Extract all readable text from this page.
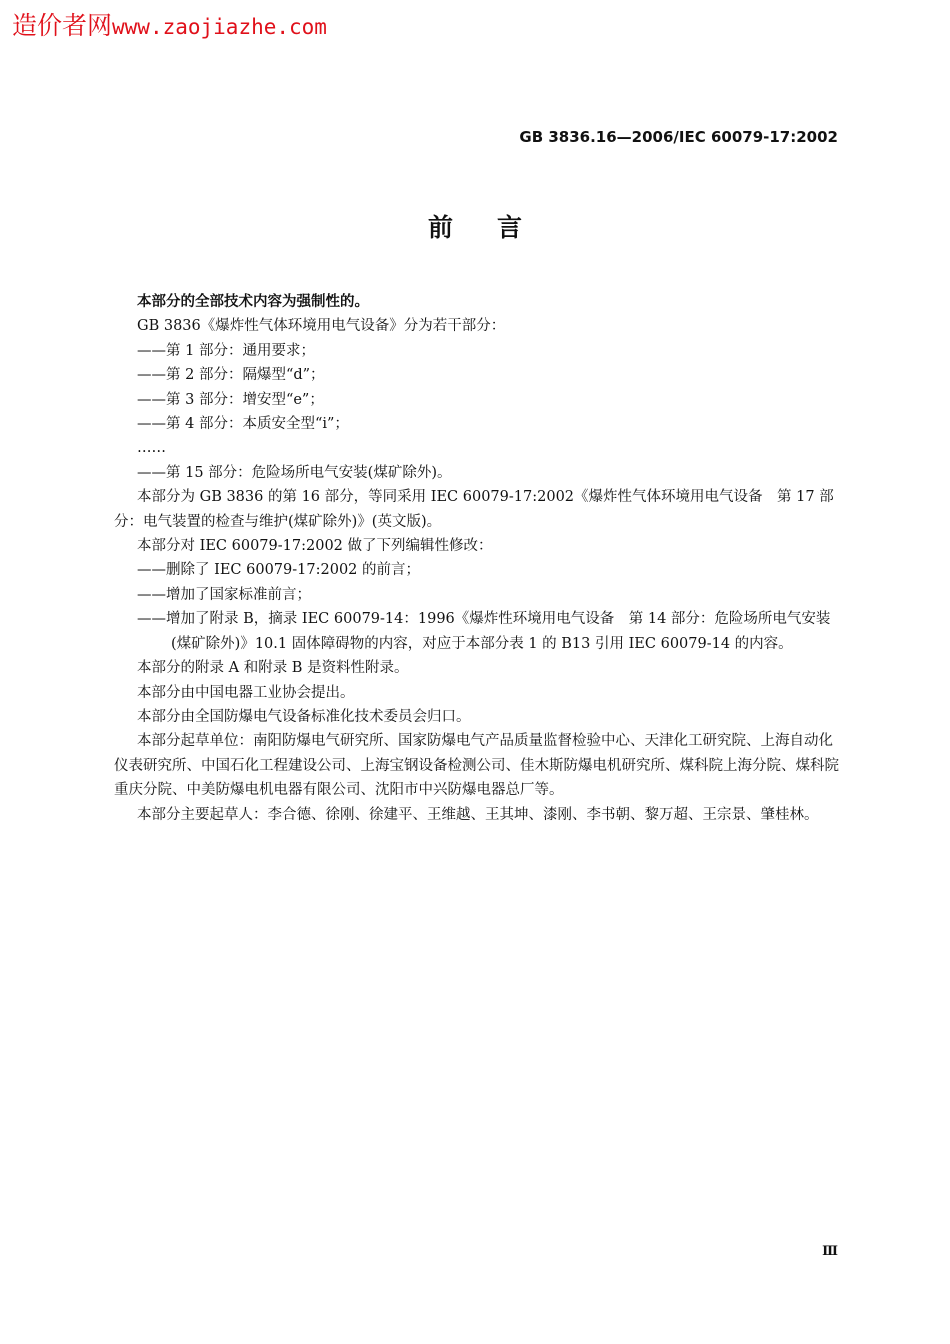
造价者网www.zaojiazhe.com
GB 3836.16—2006/IEC 60079-17:2002
前言

本部分的全部技术内容为强制性的。

GB 3836《爆炸性气体环境用电气设备》分为若干部分：

——第 1 部分：通用要求；

——第 2 部分：隔爆型“d”；

——第 3 部分：增安型“e”；

——第 4 部分：本质安全型“i”；

……

——第 15 部分：危险场所电气安装(煤矿除外)。

本部分为 GB 3836 的第 16 部分，等同采用 IEC 60079-17:2002《爆炸性气体环境用电气设备　第 17 部分：电气装置的检查与维护(煤矿除外)》(英文版)。

本部分对 IEC 60079-17:2002 做了下列编辑性修改：

——删除了 IEC 60079-17:2002 的前言；

——增加了国家标准前言；

——增加了附录 B，摘录 IEC 60079-14：1996《爆炸性环境用电气设备　第 14 部分：危险场所电气安装(煤矿除外)》10.1 固体障碍物的内容，对应于本部分表 1 的 B13 引用 IEC 60079-14 的内容。

本部分的附录 A 和附录 B 是资料性附录。

本部分由中国电器工业协会提出。

本部分由全国防爆电气设备标准化技术委员会归口。

本部分起草单位：南阳防爆电气研究所、国家防爆电气产品质量监督检验中心、天津化工研究院、上海自动化仪表研究所、中国石化工程建设公司、上海宝钢设备检测公司、佳木斯防爆电机研究所、煤科院上海分院、煤科院重庆分院、中美防爆电机电器有限公司、沈阳市中兴防爆电器总厂等。

本部分主要起草人：李合德、徐刚、徐建平、王维越、王其坤、漆刚、李书朝、黎万超、王宗景、肇桂林。

Ⅲ
